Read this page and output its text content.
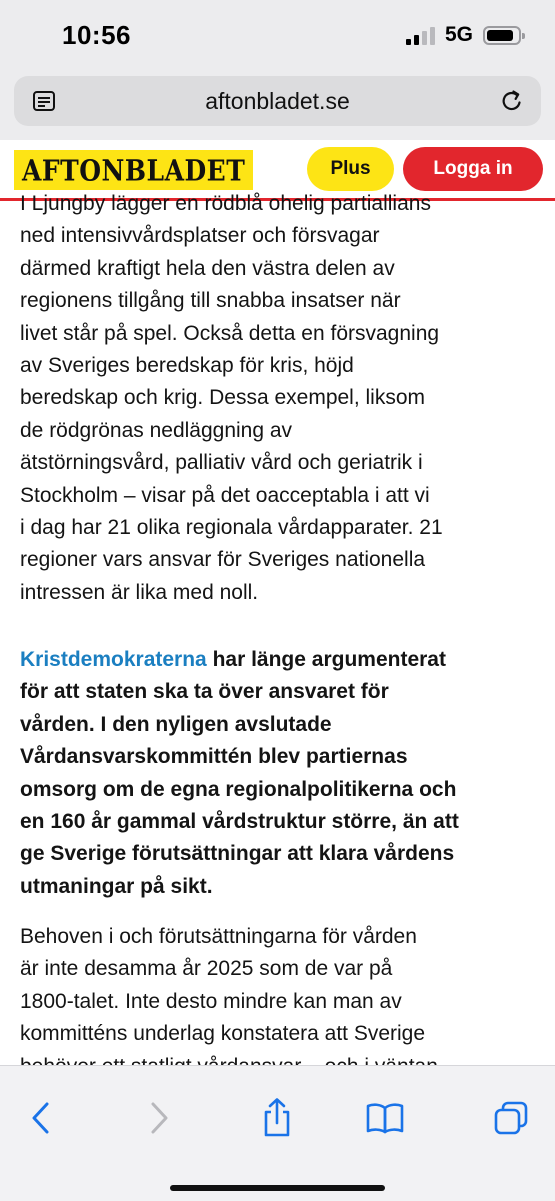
10:56	5G
aftonbladet.se
AFTONBLADET	Plus	Logga in

I Ljungby lägger en rödblå ohelig partiallians
ned intensivvårdsplatser och försvagar
därmed kraftigt hela den västra delen av
regionens tillgång till snabba insatser när
livet står på spel. Också detta en försvagning
av Sveriges beredskap för kris, höjd
beredskap och krig. Dessa exempel, liksom
de rödgrönas nedläggning av
ätstörningsvård, palliativ vård och geriatrik i
Stockholm – visar på det oacceptabla i att vi
i dag har 21 olika regionala vårdapparater. 21
regioner vars ansvar för Sveriges nationella
intressen är lika med noll.

Kristdemokraterna har länge argumenterat
för att staten ska ta över ansvaret för
vården. I den nyligen avslutade
Vårdansvarskommittén blev partiernas
omsorg om de egna regionalpolitikerna och
en 160 år gammal vårdstruktur större, än att
ge Sverige förutsättningar att klara vårdens
utmaningar på sikt.

Behoven i och förutsättningarna för vården
är inte desamma år 2025 som de var på
1800-talet. Inte desto mindre kan man av
kommitténs underlag konstatera att Sverige
